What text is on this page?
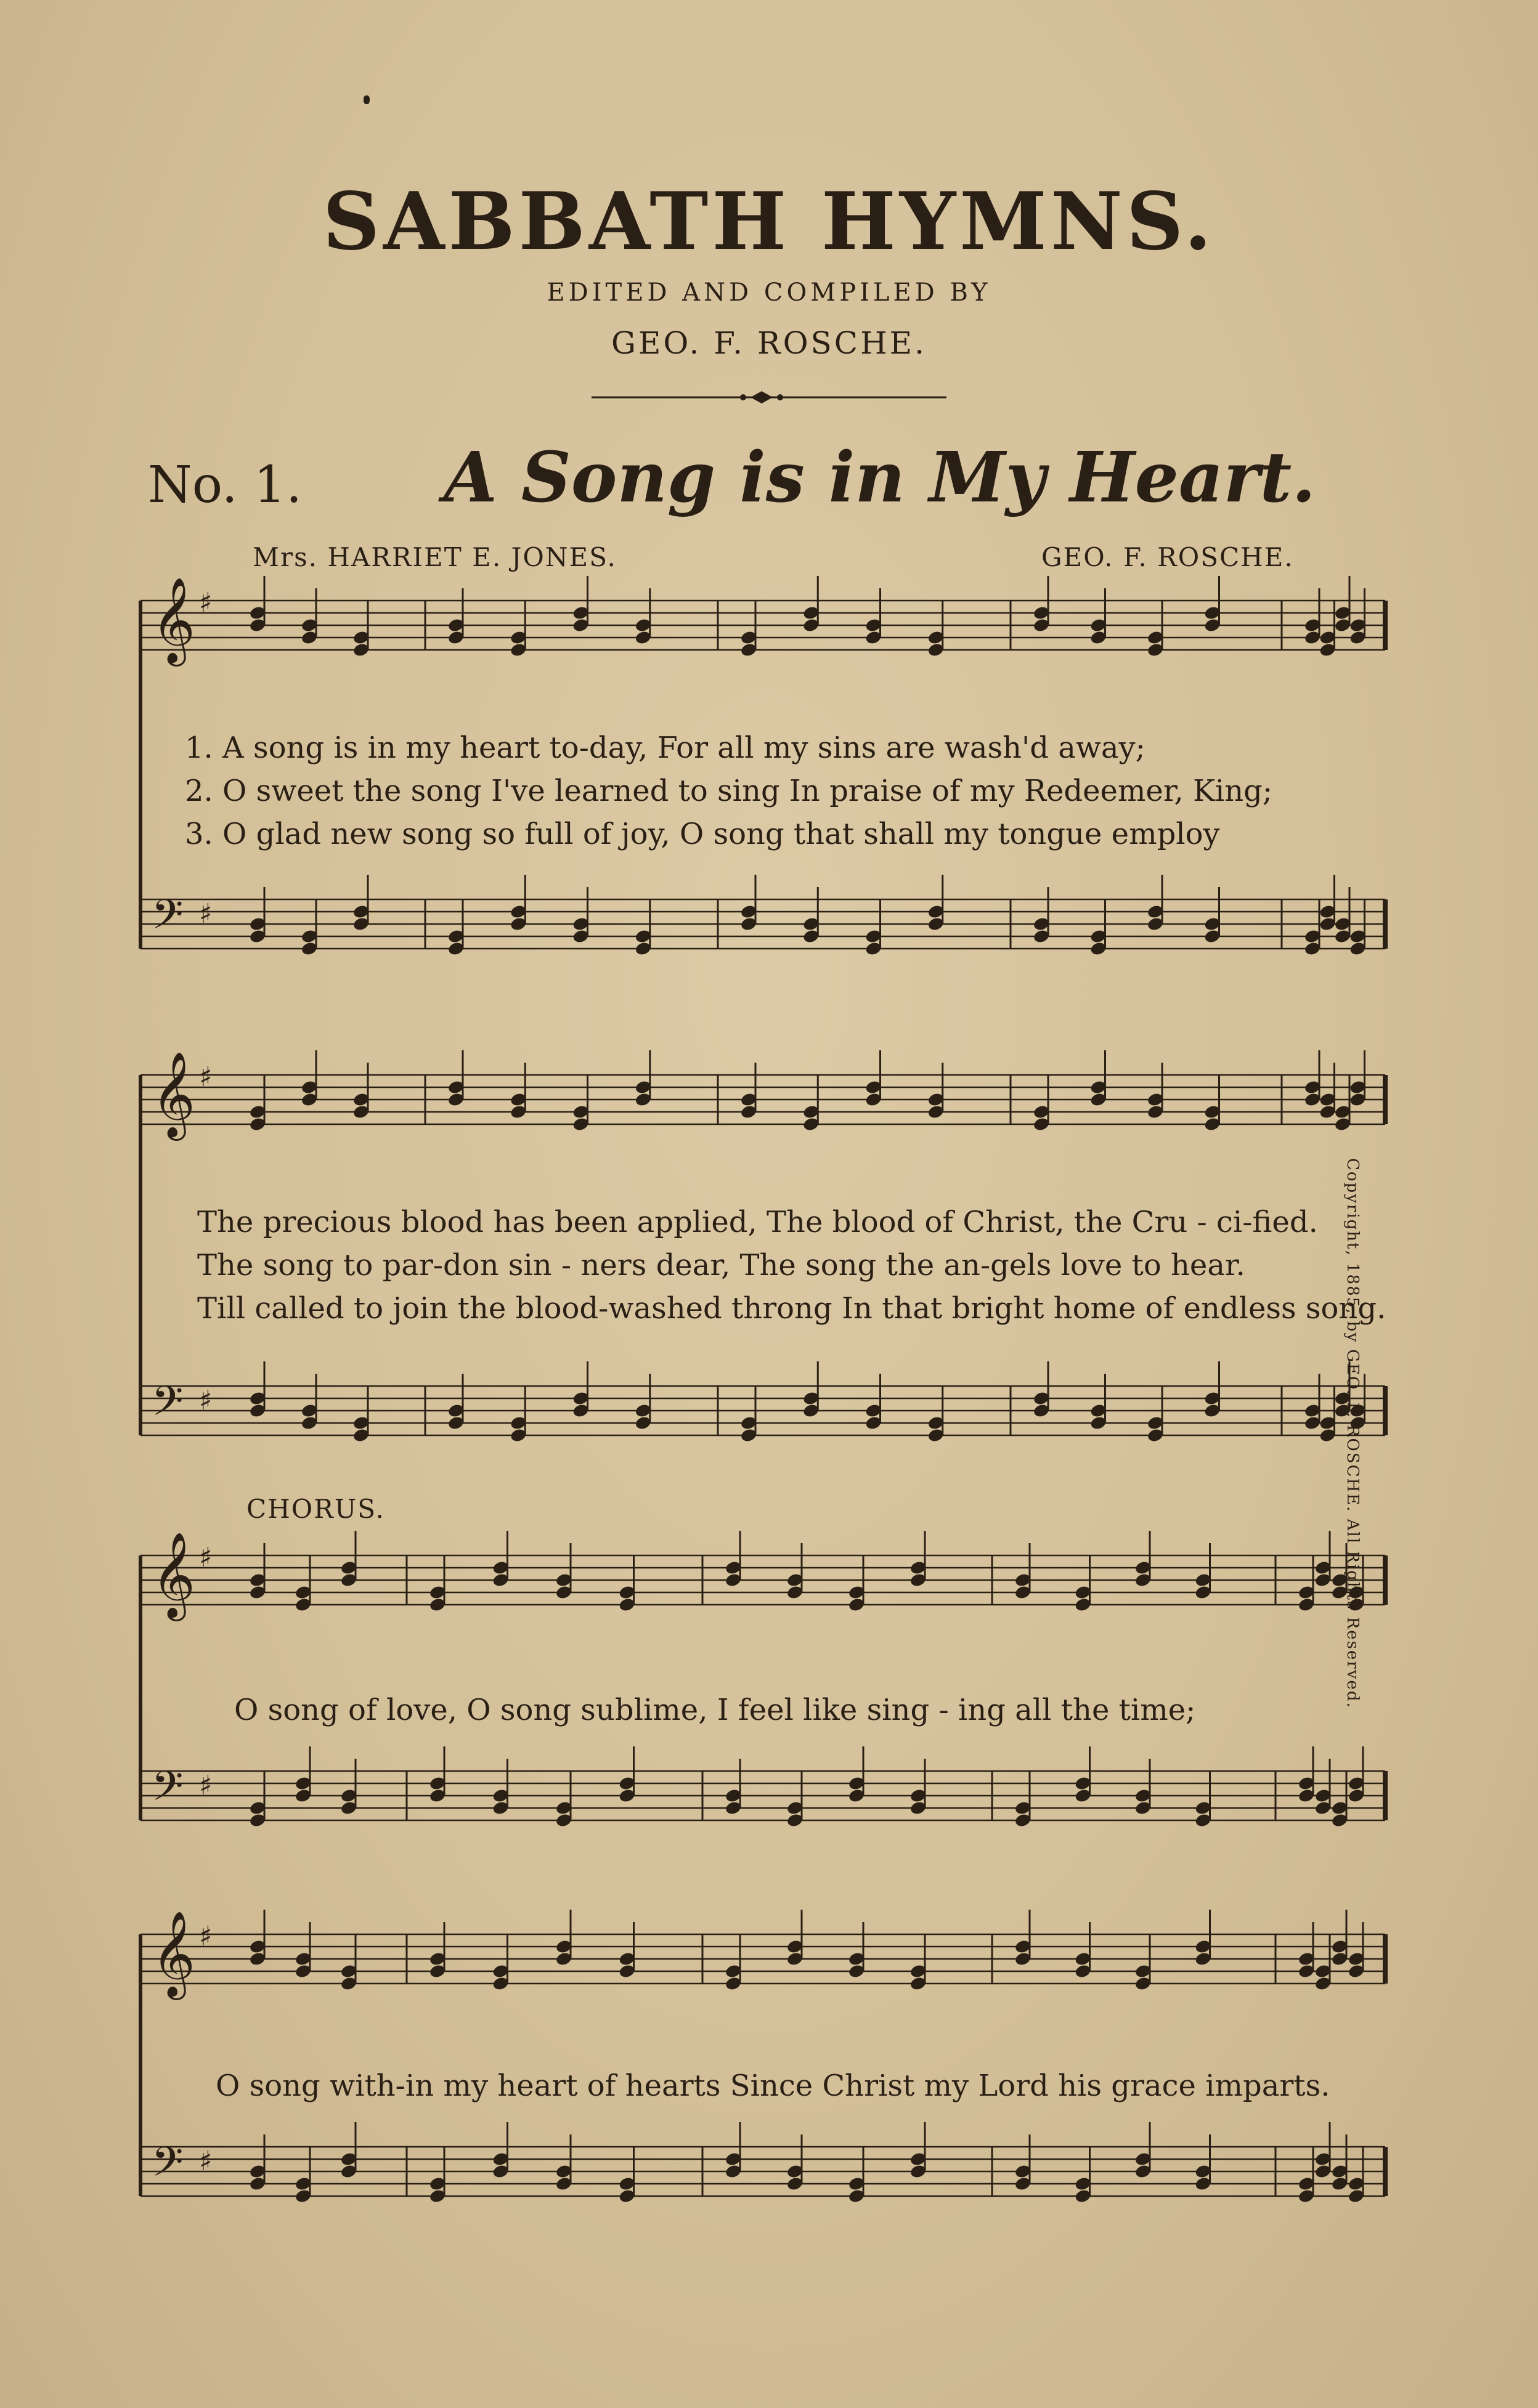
SABBATH HYMNS.
EDITED AND COMPILED BY
GEO. F. ROSCHE.
No. 1. A Song is in My Heart.
Mrs. HARRIET E. JONES.	GEO. F. ROSCHE.
𝄞 ♯
𝄢 ♯
𝄞 ♯
𝄢 ♯
𝄞 ♯
𝄢 ♯
𝄞 ♯
𝄢 ♯
1. A song is in my heart to-day, For all my sins are wash'd away;
2. O sweet the song I've learned to sing In praise of my Redeemer, King;
3. O glad new song so full of joy, O song that shall my tongue employ
The precious blood has been applied, The blood of Christ, the Cru - ci-fied.
The song to par-don sin - ners dear, The song the an-gels love to hear.
Till called to join the blood-washed throng In that bright home of endless song.
CHORUS.
O song of love, O song sublime, I feel like sing - ing all the time;
O song with-in my heart of hearts Since Christ my Lord his grace imparts.
Copyright, 1885, by GEO. F. ROSCHE. All Rights Reserved.
